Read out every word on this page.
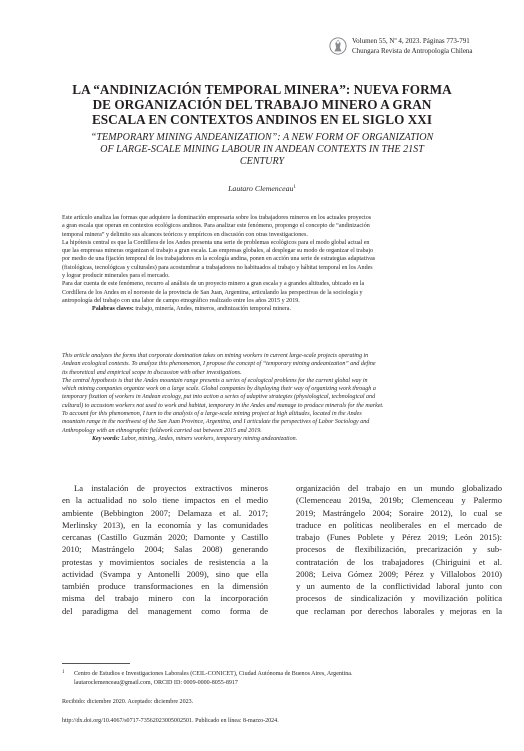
Volumen 55, Nº 4, 2023. Páginas 773-791
Chungara Revista de Antropología Chilena
LA “ANDINIZACIÓN TEMPORAL MINERA”: NUEVA FORMA
DE ORGANIZACIÓN DEL TRABAJO MINERO A GRAN
ESCALA EN CONTEXTOS ANDINOS EN EL SIGLO XXI
“TEMPORARY MINING ANDEANIZATION”: A NEW FORM OF ORGANIZATION
OF LARGE-SCALE MINING LABOUR IN ANDEAN CONTEXTS IN THE 21ST
CENTURY
Lautaro Clemenceau$^1$
Este artículo analiza las formas que adquiere la dominación empresaria sobre los trabajadores mineros en los actuales proyectos
a gran escala que operan en contextos ecológicos andinos. Para analizar este fenómeno, propongo el concepto de “andinización
temporal minera” y delimito sus alcances teóricos y empíricos en discusión con otras investigaciones.
La hipótesis central es que la Cordillera de los Andes presenta una serie de problemas ecológicos para el modo global actual en
que las empresas mineras organizan el trabajo a gran escala. Las empresas globales, al desplegar su modo de organizar el trabajo
por medio de una fijación temporal de los trabajadores en la ecología andina, ponen en acción una serie de estrategias adaptativas
(fisiológicas, tecnológicas y culturales) para acostumbrar a trabajadores no habituados al trabajo y hábitat temporal en los Andes
y lograr producir minerales para el mercado.
Para dar cuenta de este fenómeno, recurro al análisis de un proyecto minero a gran escala y a grandes altitudes, ubicado en la
Cordillera de los Andes en el noroeste de la provincia de San Juan, Argentina, articulando las perspectivas de la sociología y
antropología del trabajo con una labor de campo etnográfico realizado entre los años 2015 y 2019.
Palabras claves: trabajo, minería, Andes, mineros, andinización temporal minera.
This article analyzes the forms that corporate domination takes on mining workers in current large-scale projects operating in
Andean ecological contexts. To analyze this phenomenon, I propose the concept of “temporary mining andeanization” and define
its theoretical and empirical scope in discussion with other investigations.
The central hypothesis is that the Andes mountain range presents a series of ecological problems for the current global way in
which mining companies organize work on a large scale. Global companies by displaying their way of organizing work through a
temporary fixation of workers in Andean ecology, put into action a series of adaptive strategies (physiological, technological and
cultural) to accustom workers not used to work and habitat, temporary in the Andes and manage to produce minerals for the market.
To account for this phenomenon, I turn to the analysis of a large-scale mining project at high altitudes, located in the Andes
mountain range in the northwest of the San Juan Province, Argentina, and I articulate the perspectives of Labor Sociology and
Anthropology with an ethnographic fieldwork carried out between 2015 and 2019.
Key words: Labor, mining, Andes, miners workers, temporary mining andeanization.
La instalación de proyectos extractivos mineros
en la actualidad no solo tiene impactos en el medio
ambiente (Bebbington 2007; Delamaza et al. 2017;
Merlinsky 2013), en la economía y las comunidades
cercanas (Castillo Guzmán 2020; Damonte y Castillo
2010; Mastrángelo 2004; Salas 2008) generando
protestas y movimientos sociales de resistencia a la
actividad (Svampa y Antonelli 2009), sino que ella
también produce transformaciones en la dimensión
misma del trabajo minero con la incorporación
del paradigma del management como forma de
organización del trabajo en un mundo globalizado
(Clemenceau 2019a, 2019b; Clemenceau y Palermo
2019; Mastrángelo 2004; Soraire 2012), lo cual se
traduce en políticas neoliberales en el mercado de
trabajo (Funes Poblete y Pérez 2019; León 2015):
procesos de flexibilización, precarización y sub-
contratación de los trabajadores (Chiriguini et al.
2008; Leiva Gómez 2009; Pérez y Villalobos 2010)
y un aumento de la conflictividad laboral junto con
procesos de sindicalización y movilización política
que reclaman por derechos laborales y mejoras en la
1 Centro de Estudios e Investigaciones Laborales (CEIL-CONICET), Ciudad Autónoma de Buenos Aires, Argentina.
lautaroclemenceau@gmail.com, ORCID ID: 0009-0000-8055-8917
Recibido: diciembre 2020. Aceptado: diciembre 2023.
http://dx.doi.org/10.4067/s0717-73562023005002501. Publicado en línea: 8-marzo-2024.
